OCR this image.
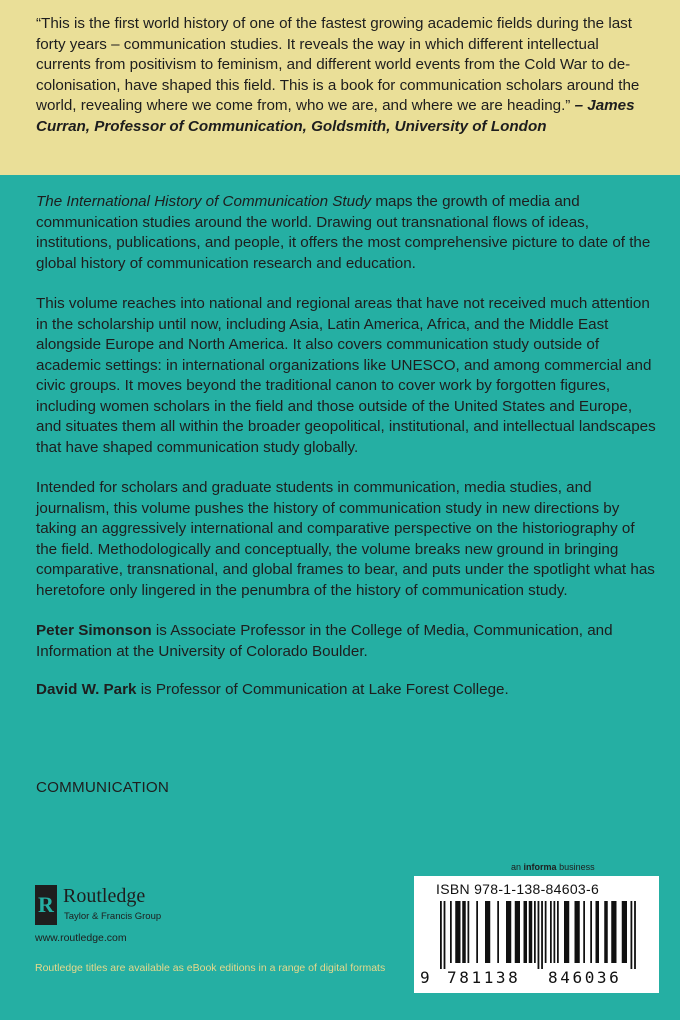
“This is the first world history of one of the fastest growing academic fields during the last forty years – communication studies. It reveals the way in which different intellectual currents from positivism to feminism, and different world events from the Cold War to de-colonisation, have shaped this field. This is a book for communication scholars around the world, revealing where we come from, who we are, and where we are heading.” – James Curran, Professor of Communication, Goldsmith, University of London

The International History of Communication Study maps the growth of media and communication studies around the world. Drawing out transnational flows of ideas, institutions, publications, and people, it offers the most comprehensive picture to date of the global history of communication research and education.

This volume reaches into national and regional areas that have not received much attention in the scholarship until now, including Asia, Latin America, Africa, and the Middle East alongside Europe and North America. It also covers communication study outside of academic settings: in international organizations like UNESCO, and among commercial and civic groups. It moves beyond the traditional canon to cover work by forgotten figures, including women scholars in the field and those outside of the United States and Europe, and situates them all within the broader geopolitical, institutional, and intellectual landscapes that have shaped communication study globally.

Intended for scholars and graduate students in communication, media studies, and journalism, this volume pushes the history of communication study in new directions by taking an aggressively international and comparative perspective on the historiography of the field. Methodologically and conceptually, the volume breaks new ground in bringing comparative, transnational, and global frames to bear, and puts under the spotlight what has heretofore only lingered in the penumbra of the history of communication study.

Peter Simonson is Associate Professor in the College of Media, Communication, and Information at the University of Colorado Boulder.

David W. Park is Professor of Communication at Lake Forest College.

COMMUNICATION
an informa business
R Routledge
Taylor & Francis Group
www.routledge.com
Routledge titles are available as eBook editions in a range of digital formats
ISBN 978-1-138-84603-6
9 781138 846036
